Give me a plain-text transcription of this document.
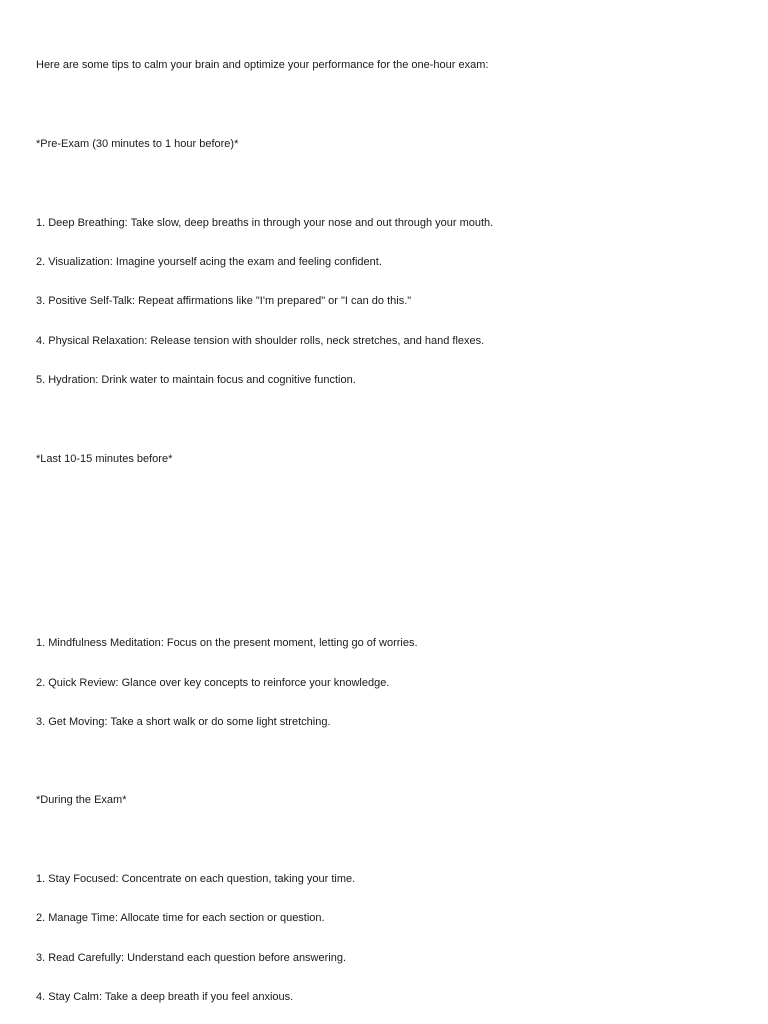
Here are some tips to calm your brain and optimize your performance for the one-hour exam:

*Pre-Exam (30 minutes to 1 hour before)*

1. Deep Breathing: Take slow, deep breaths in through your nose and out through your mouth.

2. Visualization: Imagine yourself acing the exam and feeling confident.

3. Positive Self-Talk: Repeat affirmations like "I'm prepared" or "I can do this."

4. Physical Relaxation: Release tension with shoulder rolls, neck stretches, and hand flexes.

5. Hydration: Drink water to maintain focus and cognitive function.

*Last 10-15 minutes before*

1. Mindfulness Meditation: Focus on the present moment, letting go of worries.

2. Quick Review: Glance over key concepts to reinforce your knowledge.

3. Get Moving: Take a short walk or do some light stretching.

*During the Exam*

1. Stay Focused: Concentrate on each question, taking your time.

2. Manage Time: Allocate time for each section or question.

3. Read Carefully: Understand each question before answering.

4. Stay Calm: Take a deep breath if you feel anxious.
